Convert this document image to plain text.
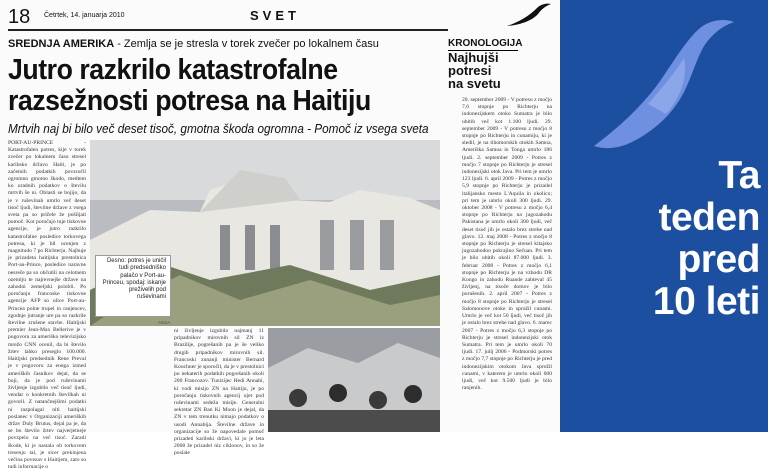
18 Četrtek, 14. januarja 2010	SVET
SREDNJA AMERIKA - Zemlja se je stresla v torek zvečer po lokalnem času
Jutro razkrilo katastrofalne
razsežnosti potresa na Haitiju
Mrtvih naj bi bilo več deset tisoč, gmotna škoda ogromna - Pomoč iz vsega sveta
PORT-AU-PRINCE - Katastrofalen potres, kije v torek zvečer po lokalnem času stresel karibsko državo Haiti, je po začetnih podatkih povzročil ogromno gmotno škodo, medtem ko uradnih podatkov o številu mrtvih še ni. Oblasti se bojijo, da je v ruševinah umrlo več deset tisoč ljudi, številne države z vsega sveta pa so pričele že pošiljati pomoč. Kot poročajo tuje tiskovne agencije, je jutro razkrilo katastrofalne posledice torkovega potresa, ki je bil ocenjen z magnitudo 7 po Richterju. Najhuje je prizadeta haitijska prestolnica Port-au-Prince, posledice naravne nesreče pa so občutili na celotnem ozemlju te najrevnejše države na zahodni zemeljski polobli. Po poročanju francoske tiskovne agencije AFP so ulice Port-au-Princea polne trupel in ranjencev, zgodnje jutranje ure pa so razkrile številne zrušene stavbe. Haitijski premier Jean-Max Bellerive je v pogovoru za ameriško televizijsko mrežo CNN ocenil, da bi število žrtev lahko preseglo 100.000. Haitijski predsednik Rene Preval je v pogovoru za enega izmed ameriških časnikov dejal, da se boji, da je pod ruševinami življenje izgubilo več tisoč ljudi, vendar o konkretnih številkah ni govoril. Z natančnejšimi podatki ni razpolagal niti haitijski poslanec v Organizaciji ameriških držav Duly Brutus, dejal pa je, da se bo število žrtev najverjetneje povzpelo na več tisoč. Zaradi škode, ki je nastala ob torkovem tresenju tal, je sicer prekinjena večina povezav s Haitijem, zato so tudi informacije o
Desno: potres je uničil tudi predsedniško palačo v Port-au-Princeu, spodaj: iskanje preživelih pod ruševinami
ANSA
ni življenje izgubilo najmanj 11 pripadnikov mirovnih sil ZN iz Brazilije, pogrešanih pa je še veliko drugih pripadnikov mirovnih sil. Francoski zunanji minister Bernard Kouchner je sporočil, da je v prestolnici po nekaterih podatkih pogrešanih okoli 200 Francozov. Tunizijec Hedi Annabi, ki vodi misijo ZN na Haitiju, je po poročanju tiskovnih agencij ujet pod ruševinami sedeža misije. Generalni sekretar ZN Ban Ki Moon je dejal, da ZN v tem trenutku nimajo podatkov o usodi Annabija. Številne države in organizacije so že napovedale pomoč prizadeti karibski državi, ki jo je leta 2008 že prizadel niz ciklonov, in so že poslale
KRONOLOGIJA
Najhujši potresi na svetu
20. september 2009 - V potresu z močjo 7,6 stopnje po Richterju na indonezijskem otoku Sumatra je bilo ubitih več kot 1.100 ljudi. 29. september 2009 - V potresu z močjo 8 stopnje po Richterju in cunamiju, ki je sledil, je na tihomorskih otokih Samoa, Ameriška Samoa in Tonga umrlo 186 ljudi. 2. september 2009 - Potres z močjo 7 stopnje po Richterju je stresel indonezijski otok Java. Pri tem je umrlo 123 ljudi. 6. april 2009 - Potres z močjo 5,9 stopnje po Richterju je prizadel italijansko mesto L'Aquila in okolico; pri tem je umrlo okoli 300 ljudi. 29. oktober 2008 - V potresu z močjo 6,4 stopnje po Richterju na jugozahodu Pakistana je umrlo okoli 300 ljudi, več deset tisoč jih je ostalo brez strehe nad glavo. 12. maj 2008 - Potres z močjo 8 stopnje po Richterju je stresel kitajsko jugozahodno pokrajino Sečuan. Pri tem je bilo ubitih okoli 87.000 ljudi. 3. februar 2008 - Potres z močjo 6,1 stopnje po Richterju je na vzhodu DR Kongo in zahodu Ruande zahteval 45 življenj, na tisoče domov je bilo porušenih. 2. april 2007 - Potres z močjo 8 stopnje po Richterju je stresel Salomonove otoke in sprožil cunami. Umrlo je več kot 50 ljudi, več tisoč jih je ostalo brez strehe nad glavo. 6. marec 2007 - Potres z močjo 6,3 stopnje po Richterju je stresel indonezijski otok Sumatra. Pri tem je umrlo okoli 70 ljudi. 17. julij 2006 - Podmorski potres z močjo 7,7 stopnje po Richterju je pred indonezijskim otokom Java sprožil cunami, v katerem je umrlo okoli 600 ljudi, več kot 9.500 ljudi je bilo ranjenih.
Ta
teden
pred
10 leti
